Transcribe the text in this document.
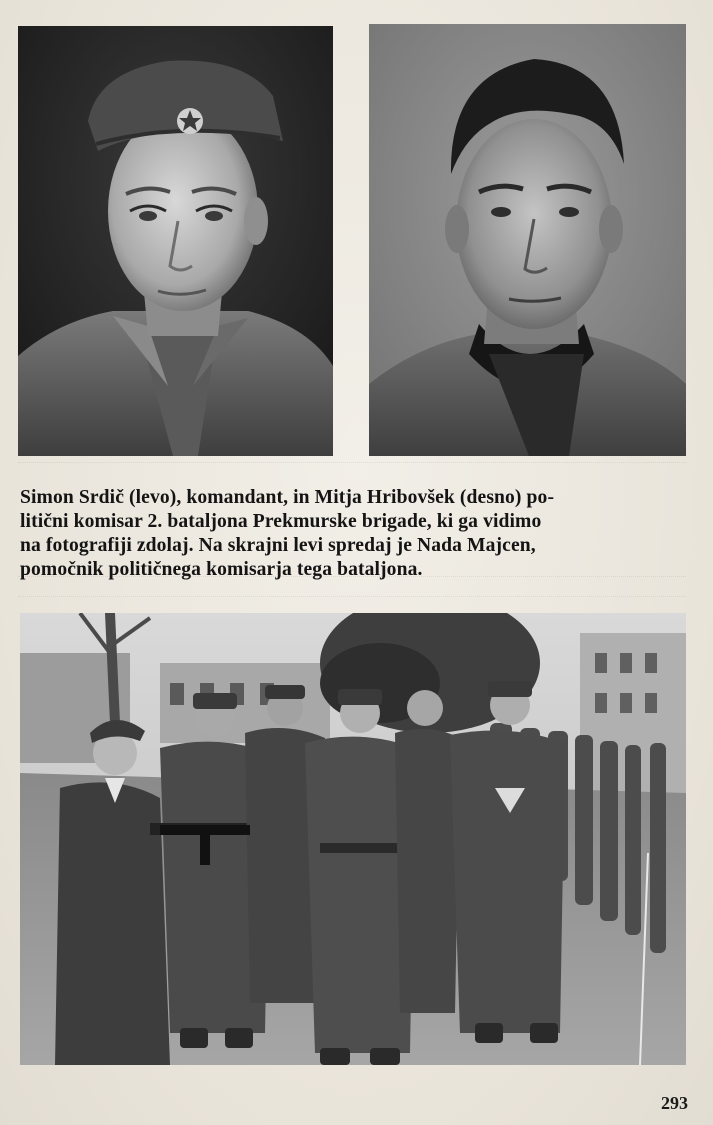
Simon Srdič (levo), komandant, in Mitja Hribovšek (desno) po-
litični komisar 2. bataljona Prekmurske brigade, ki ga vidimo
na fotografiji zdolaj. Na skrajni levi spredaj je Nada Majcen,
pomočnik političnega komisarja tega bataljona.
293
